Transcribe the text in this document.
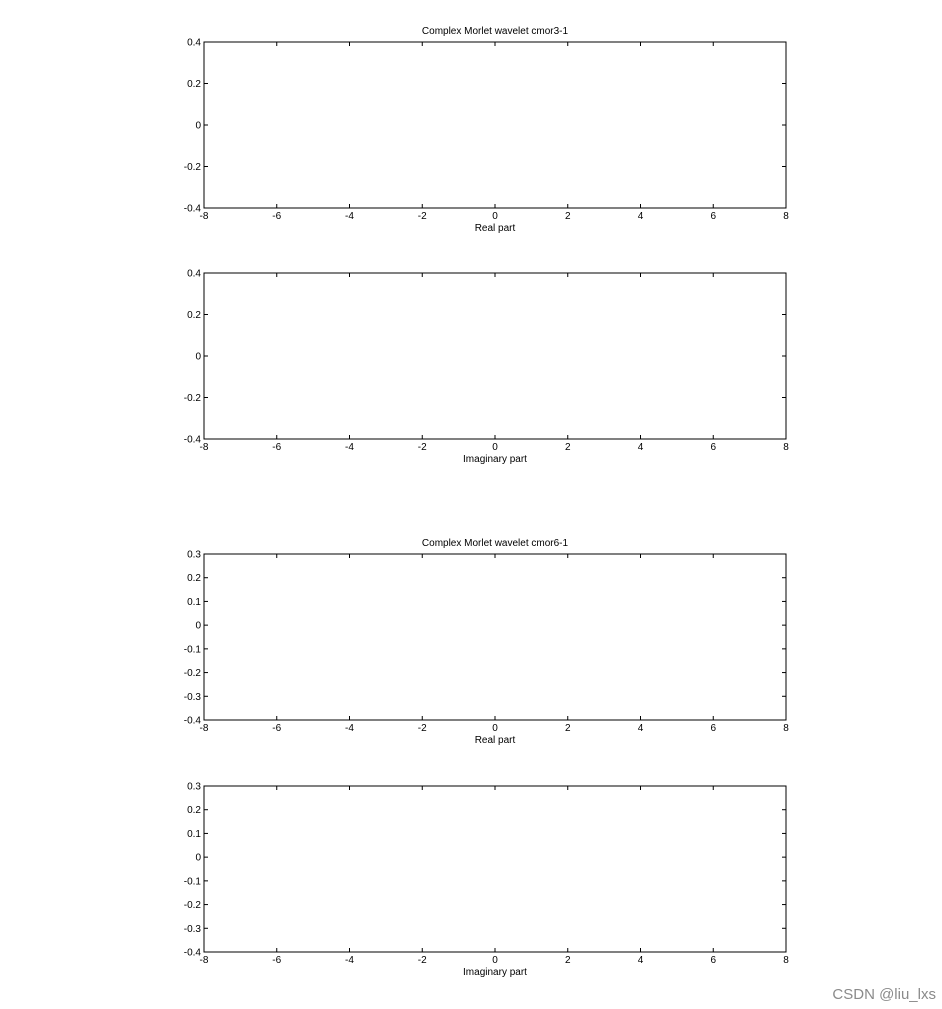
-8	-6	-4	-2	0	2	4	6	8
-0.4
-0.2
0
0.2
0.4
Complex Morlet wavelet cmor3-1
Real part
-8	-6	-4	-2	0	2	4	6	8
-0.4
-0.2
0
0.2
0.4
Imaginary part
-8	-6	-4	-2	0	2	4	6	8
-0.4
-0.3
-0.2
-0.1
0
0.1
0.2
0.3
Complex Morlet wavelet cmor6-1
Real part
-8	-6	-4	-2	0	2	4	6	8
-0.4
-0.3
-0.2
-0.1
0
0.1
0.2
0.3
Imaginary part
CSDN @liu_lxs
